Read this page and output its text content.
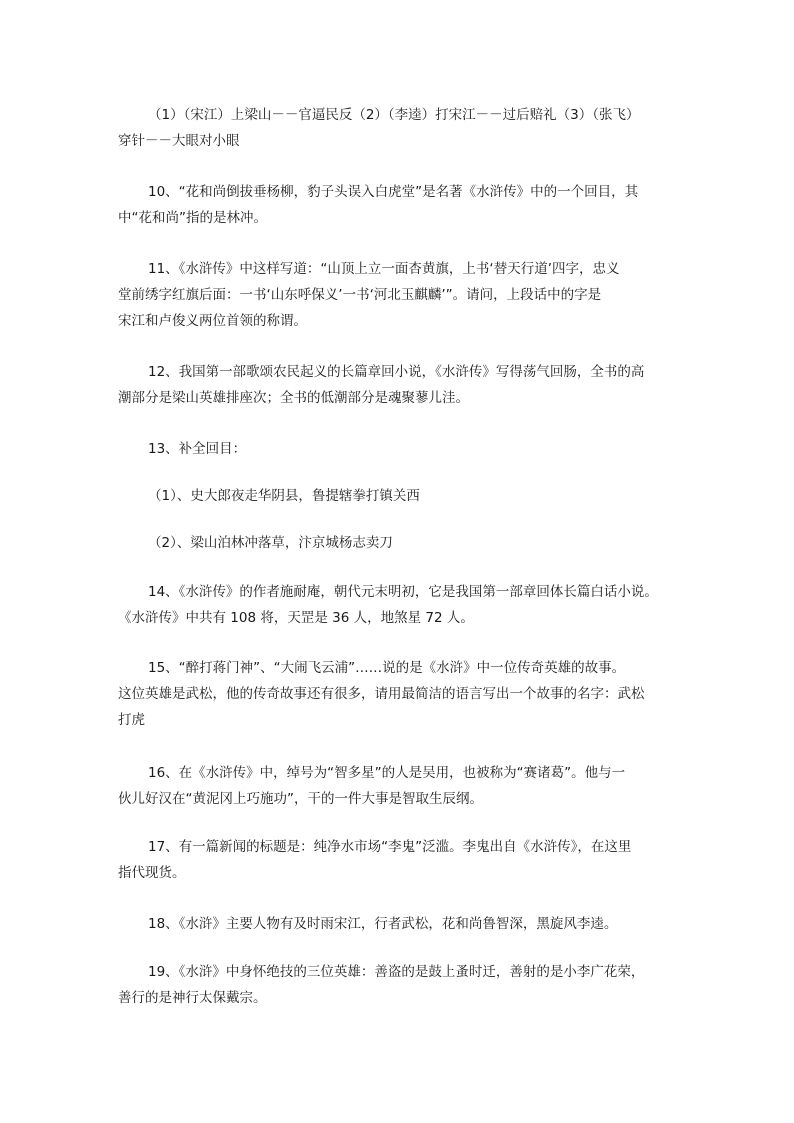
（1）（宋江）上梁山－－官逼民反（2）（李逵）打宋江－－过后赔礼（3）（张飞）
穿针－－大眼对小眼

10、“花和尚倒拔垂杨柳，豹子头误入白虎堂”是名著《水浒传》中的一个回目，其
中“花和尚”指的是林冲。

11、《水浒传》中这样写道：“山顶上立一面杏黄旗，上书‘替天行道’四字，忠义
堂前绣字红旗后面：一书‘山东呼保义’一书‘河北玉麒麟’”。请问，上段话中的字是
宋江和卢俊义两位首领的称谓。

12、我国第一部歌颂农民起义的长篇章回小说，《水浒传》写得荡气回肠，全书的高
潮部分是梁山英雄排座次；全书的低潮部分是魂聚蓼儿洼。

13、补全回目：

（1）、史大郎夜走华阴县，鲁提辖拳打镇关西

（2）、梁山泊林冲落草，汴京城杨志卖刀

14、《水浒传》的作者施耐庵，朝代元末明初，它是我国第一部章回体长篇白话小说。
《水浒传》中共有 108 将，天罡是 36 人，地煞星 72 人。

15、“醉打蒋门神”、“大闹飞云浦”……说的是《水浒》中一位传奇英雄的故事。
这位英雄是武松，他的传奇故事还有很多，请用最简洁的语言写出一个故事的名字：武松
打虎

16、在《水浒传》中，绰号为“智多星”的人是吴用，也被称为“赛诸葛”。他与一
伙儿好汉在“黄泥冈上巧施功”，干的一件大事是智取生辰纲。

17、有一篇新闻的标题是：纯净水市场“李鬼”泛滥。李鬼出自《水浒传》，在这里
指代现货。

18、《水浒》主要人物有及时雨宋江，行者武松，花和尚鲁智深，黑旋风李逵。

19、《水浒》中身怀绝技的三位英雄：善盗的是鼓上蚤时迁，善射的是小李广花荣，
善行的是神行太保戴宗。
